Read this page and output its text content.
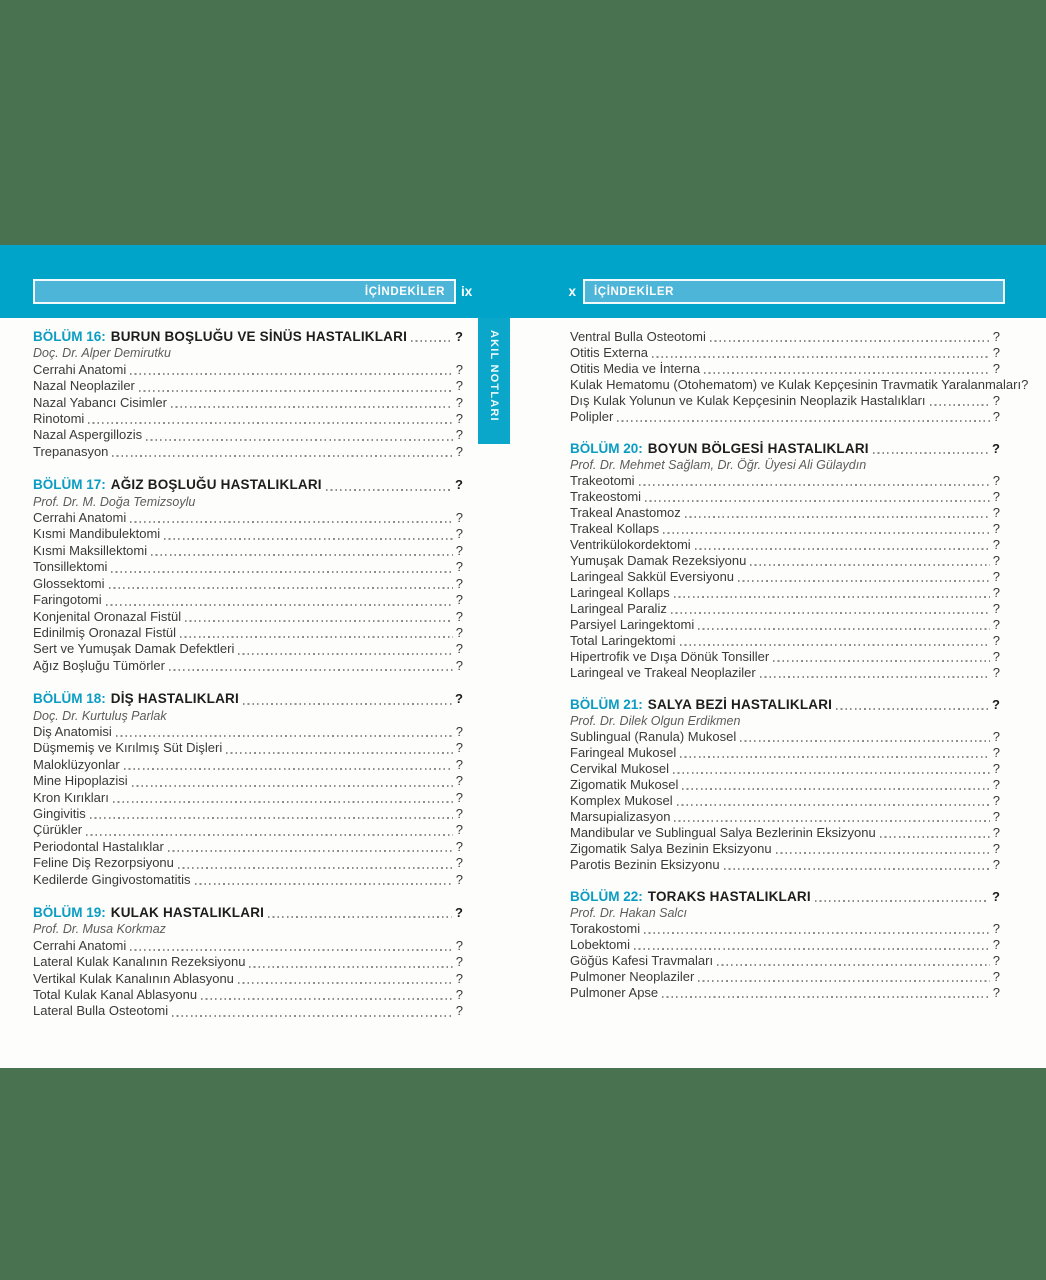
İÇİNDEKİLER	ix	x	İÇİNDEKİLER
AKIL NOTLARI
BÖLÜM 16: BURUN BOŞLUĞU VE SİNÜS HASTALIKLARI	?
Doç. Dr. Alper Demirutku
Cerrahi Anatomi	?
Nazal Neoplaziler	?
Nazal Yabancı Cisimler	?
Rinotomi	?
Nazal Aspergillozis	?
Trepanasyon	?
BÖLÜM 17: AĞIZ BOŞLUĞU HASTALIKLARI	?
Prof. Dr. M. Doğa Temizsoylu
Cerrahi Anatomi	?
Kısmi Mandibulektomi	?
Kısmi Maksillektomi	?
Tonsillektomi	?
Glossektomi	?
Faringotomi	?
Konjenital Oronazal Fistül	?
Edinilmiş Oronazal Fistül	?
Sert ve Yumuşak Damak Defektleri	?
Ağız Boşluğu Tümörler	?
BÖLÜM 18: DİŞ HASTALIKLARI	?
Doç. Dr. Kurtuluş Parlak
Diş Anatomisi	?
Düşmemiş ve Kırılmış Süt Dişleri	?
Maloklüzyonlar	?
Mine Hipoplazisi	?
Kron Kırıkları	?
Gingivitis	?
Çürükler	?
Periodontal Hastalıklar	?
Feline Diş Rezorpsiyonu	?
Kedilerde Gingivostomatitis	?
BÖLÜM 19: KULAK HASTALIKLARI	?
Prof. Dr. Musa Korkmaz
Cerrahi Anatomi	?
Lateral Kulak Kanalının Rezeksiyonu	?
Vertikal Kulak Kanalının Ablasyonu	?
Total Kulak Kanal Ablasyonu	?
Lateral Bulla Osteotomi	?
Ventral Bulla Osteotomi	?
Otitis Externa	?
Otitis Media ve İnterna	?
Kulak Hematomu (Otohematom) ve Kulak Kepçesinin Travmatik Yaralanmaları ?
Dış Kulak Yolunun ve Kulak Kepçesinin Neoplazik Hastalıkları	?
Polipler	?
BÖLÜM 20: BOYUN BÖLGESİ HASTALIKLARI	?
Prof. Dr. Mehmet Sağlam, Dr. Öğr. Üyesi Ali Gülaydın
Trakeotomi	?
Trakeostomi	?
Trakeal Anastomoz	?
Trakeal Kollaps	?
Ventrikülokordektomi	?
Yumuşak Damak Rezeksiyonu	?
Laringeal Sakkül Eversiyonu	?
Laringeal Kollaps	?
Laringeal Paraliz	?
Parsiyel Laringektomi	?
Total Laringektomi	?
Hipertrofik ve Dışa Dönük Tonsiller	?
Laringeal ve Trakeal Neoplaziler	?
BÖLÜM 21: SALYA BEZİ HASTALIKLARI	?
Prof. Dr. Dilek Olgun Erdikmen
Sublingual (Ranula) Mukosel	?
Faringeal Mukosel	?
Cervikal Mukosel	?
Zigomatik Mukosel	?
Komplex Mukosel	?
Marsupializasyon	?
Mandibular ve Sublingual Salya Bezlerinin Eksizyonu	?
Zigomatik Salya Bezinin Eksizyonu	?
Parotis Bezinin Eksizyonu	?
BÖLÜM 22: TORAKS HASTALIKLARI	?
Prof. Dr. Hakan Salcı
Torakostomi	?
Lobektomi	?
Göğüs Kafesi Travmaları	?
Pulmoner Neoplaziler	?
Pulmoner Apse	?
